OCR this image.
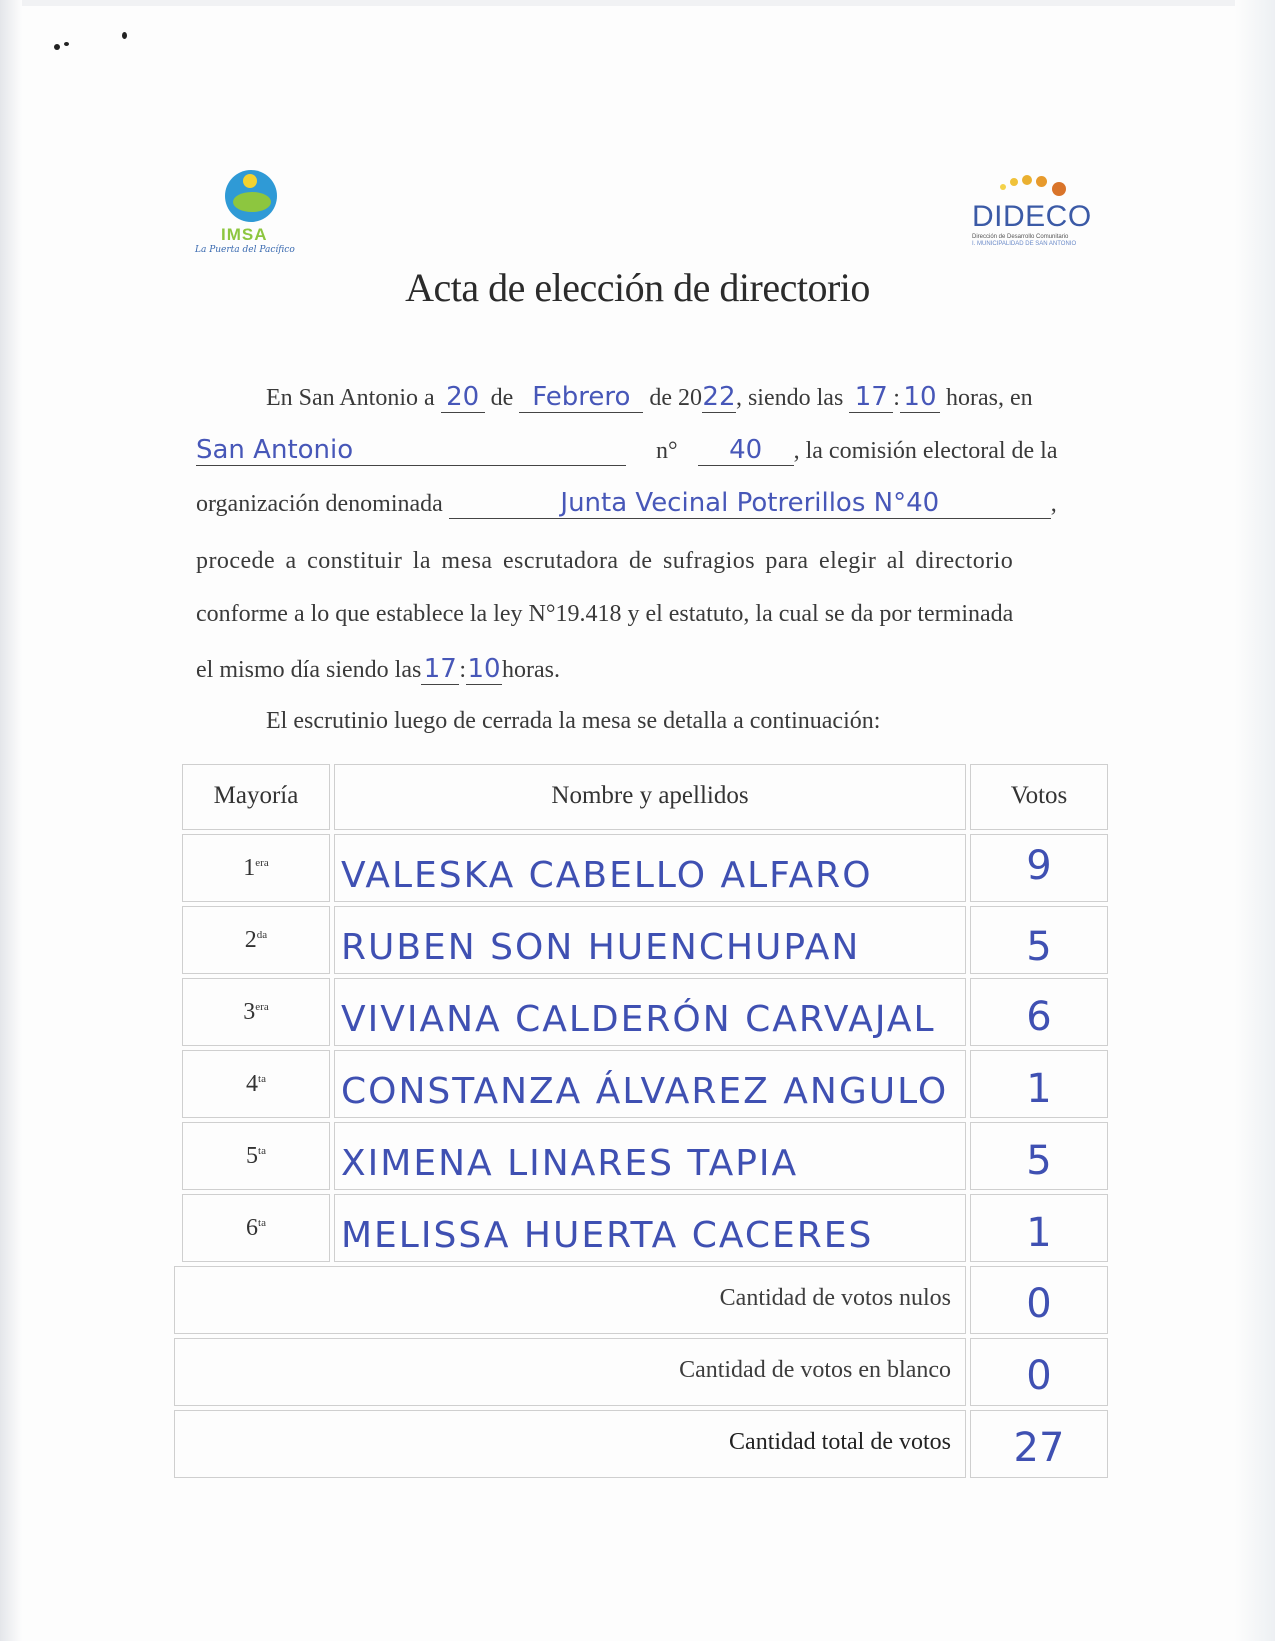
IMSA
La Puerta del Pacífico
DIDECO
Dirección de Desarrollo Comunitario
I. MUNICIPALIDAD DE SAN ANTONIO
Acta de elección de directorio
En San Antonio a 20 de Febrero de 2022, siendo las 17 : 10 horas, en
San Antonio	n° 40 , la comisión electoral de la
organización denominada	Junta Vecinal Potrerillos N°40	,
procede a constituir la mesa escrutadora de sufragios para elegir al directorio
conforme a lo que establece la ley N°19.418 y el estatuto, la cual se da por terminada
el mismo día siendo las17 :10horas.
El escrutinio luego de cerrada la mesa se detalla a continuación:
Mayoría	Nombre y apellidos	Votos
$1^{era}$	VALESKA CABELLO ALFARO	9
$2^{da}$	RUBEN SON HUENCHUPAN	5
$3^{era}$	VIVIANA CALDERÓN CARVAJAL	6
$4^{ta}$	CONSTANZA ÁLVAREZ ANGULO	1
$5^{ta}$	XIMENA LINARES TAPIA	5
$6^{ta}$	MELISSA HUERTA CACERES	1
Cantidad de votos nulos	0
Cantidad de votos en blanco	0
Cantidad total de votos	27
